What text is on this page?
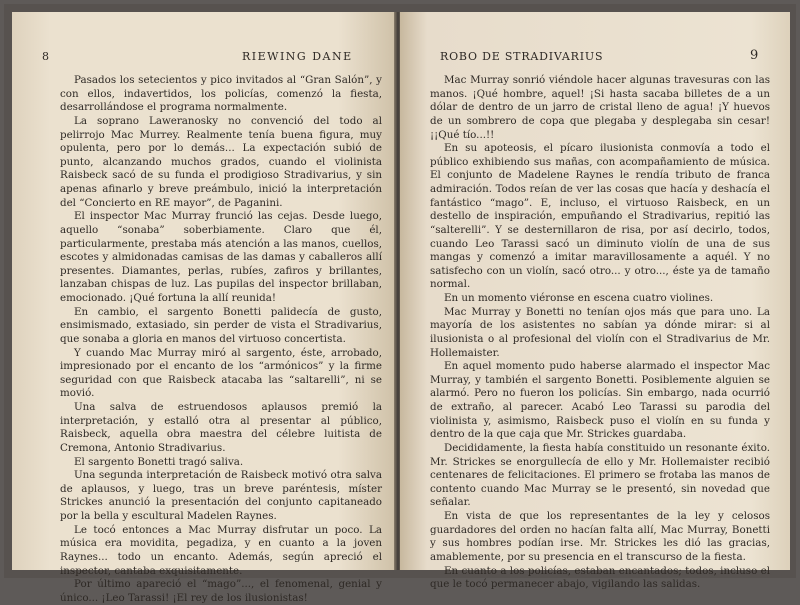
8	RIEWING DANE

Pasados los setecientos y pico invitados al “Gran Salón”, y con ellos, indavertidos, los policías, comenzó la fiesta, desarrollándose el programa normalmente.

La soprano Laweranosky no convenció del todo al pelirrojo Mac Murrey. Realmente tenía buena figura, muy opulenta, pero por lo demás... La expectación subió de punto, alcanzando muchos grados, cuando el violinista Raisbeck sacó de su funda el prodigioso Stradivarius, y sin apenas afinarlo y breve preámbulo, inició la interpretación del “Concierto en RE mayor”, de Paganini.

El inspector Mac Murray frunció las cejas. Desde luego, aquello “sonaba” soberbiamente. Claro que él, particularmente, prestaba más atención a las manos, cuellos, escotes y almidonadas camisas de las damas y caballeros allí presentes. Diamantes, perlas, rubíes, zafiros y brillantes, lanzaban chispas de luz. Las pupilas del inspector brillaban, emocionado. ¡Qué fortuna la allí reunida!

En cambio, el sargento Bonetti palidecía de gusto, ensimismado, extasiado, sin perder de vista el Stradivarius, que sonaba a gloria en manos del virtuoso concertista.

Y cuando Mac Murray miró al sargento, éste, arrobado, impresionado por el encanto de los “armónicos” y la firme seguridad con que Raisbeck atacaba las “saltarelli”, ni se movió.

Una salva de estruendosos aplausos premió la interpretación, y estalló otra al presentar al público, Raisbeck, aquella obra maestra del célebre luitista de Cremona, Antonio Stradivarius.

El sargento Bonetti tragó saliva.

Una segunda interpretación de Raisbeck motivó otra salva de aplausos, y luego, tras un breve paréntesis, míster Strickes anunció la presentación del conjunto capitaneado por la bella y escultural Madelen Raynes.

Le tocó entonces a Mac Murray disfrutar un poco. La música era movidita, pegadiza, y en cuanto a la joven Raynes... todo un encanto. Además, según apreció el inspector, cantaba exquisitamente.

Por último apareció el “mago”..., el fenomenal, genial y único... ¡Leo Tarassi! ¡El rey de los ilusionistas!

ROBO DE STRADIVARIUS	9

Mac Murray sonrió viéndole hacer algunas travesuras con las manos. ¡Qué hombre, aquel! ¡Si hasta sacaba billetes de a un dólar de dentro de un jarro de cristal lleno de agua! ¡Y huevos de un sombrero de copa que plegaba y desplegaba sin cesar! ¡¡Qué tío...!!

En su apoteosis, el pícaro ilusionista conmovía a todo el público exhibiendo sus mañas, con acompañamiento de música. El conjunto de Madelene Raynes le rendía tributo de franca admiración. Todos reían de ver las cosas que hacía y deshacía el fantástico “mago”. E, incluso, el virtuoso Raisbeck, en un destello de inspiración, empuñando el Stradivarius, repitió las “salterelli”. Y se desternillaron de risa, por así decirlo, todos, cuando Leo Tarassi sacó un diminuto violín de una de sus mangas y comenzó a imitar maravillosamente a aquél. Y no satisfecho con un violín, sacó otro... y otro..., éste ya de tamaño normal.

En un momento viéronse en escena cuatro violines.

Mac Murray y Bonetti no tenían ojos más que para uno. La mayoría de los asistentes no sabían ya dónde mirar: si al ilusionista o al profesional del violín con el Stradivarius de Mr. Hollemaister.

En aquel momento pudo haberse alarmado el inspector Mac Murray, y también el sargento Bonetti. Posiblemente alguien se alarmó. Pero no fueron los policías. Sin embargo, nada ocurrió de extraño, al parecer. Acabó Leo Tarassi su parodia del violinista y, asimismo, Raisbeck puso el violín en su funda y dentro de la que caja que Mr. Strickes guardaba.

Decididamente, la fiesta había constituido un resonante éxito. Mr. Strickes se enorgullecía de ello y Mr. Hollemaister recibió centenares de felicitaciones. El primero se frotaba las manos de contento cuando Mac Murray se le presentó, sin novedad que señalar.

En vista de que los representantes de la ley y celosos guardadores del orden no hacían falta allí, Mac Murray, Bonetti y sus hombres podían irse. Mr. Strickes les dió las gracias, amablemente, por su presencia en el transcurso de la fiesta.

En cuanto a los policías, estaban encantados; todos, incluso el que le tocó permanecer abajo, vigilando las salidas.
